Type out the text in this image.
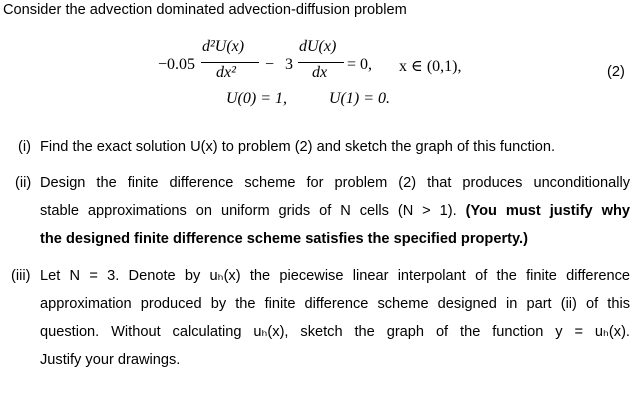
Consider the advection dominated advection-diffusion problem
−0.05
d²U(x)
dx² − 3
dU(x)
dx = 0, x ∈ (0,1),
U(0) = 1,	U(1) = 0.
(2)
(i) Find the exact solution U(x) to problem (2) and sketch the graph of this function.
(ii) Design the finite difference scheme for problem (2) that produces unconditionally
stable approximations on uniform grids of N cells (N > 1). (You must justify why
the designed finite difference scheme satisfies the specified property.)
(iii) Let N = 3. Denote by uₕ(x) the piecewise linear interpolant of the finite difference
approximation produced by the finite difference scheme designed in part (ii) of this
question. Without calculating uₕ(x), sketch the graph of the function y = uₕ(x).
Justify your drawings.
